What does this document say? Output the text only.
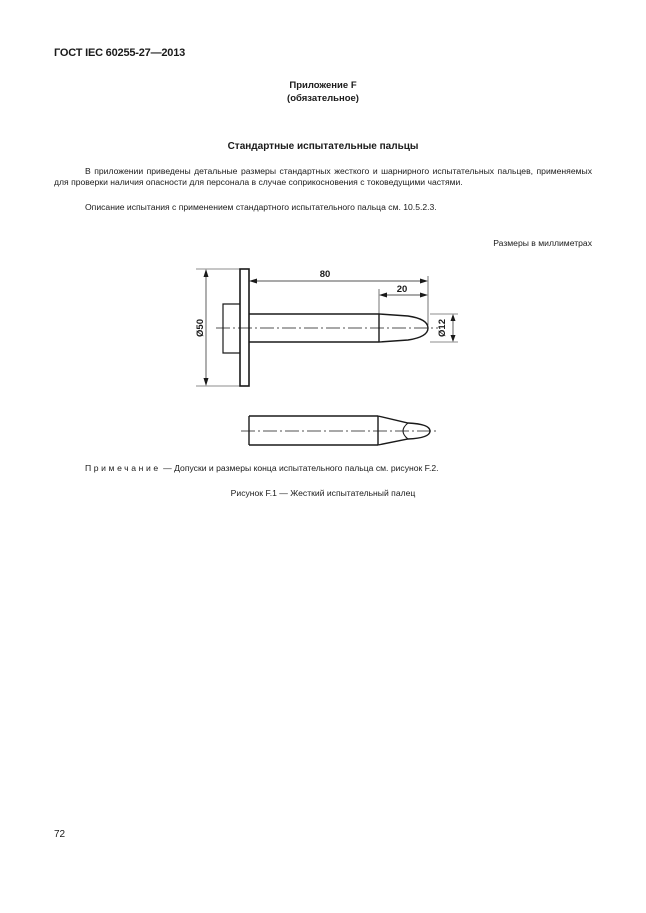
ГОСТ IEC 60255-27—2013
Приложение F
(обязательное)
Стандартные испытательные пальцы
В приложении приведены детальные размеры стандартных жесткого и шарнирного испытательных пальцев, применяемых для проверки наличия опасности для персонала в случае соприкосновения с токоведущими частями.
Описание испытания с применением стандартного испытательного пальца см. 10.5.2.3.
Размеры в миллиметрах
80
20
Ø50	Ø12
Примечание — Допуски и размеры конца испытательного пальца см. рисунок F.2.
Рисунок F.1 — Жесткий испытательный палец
72
